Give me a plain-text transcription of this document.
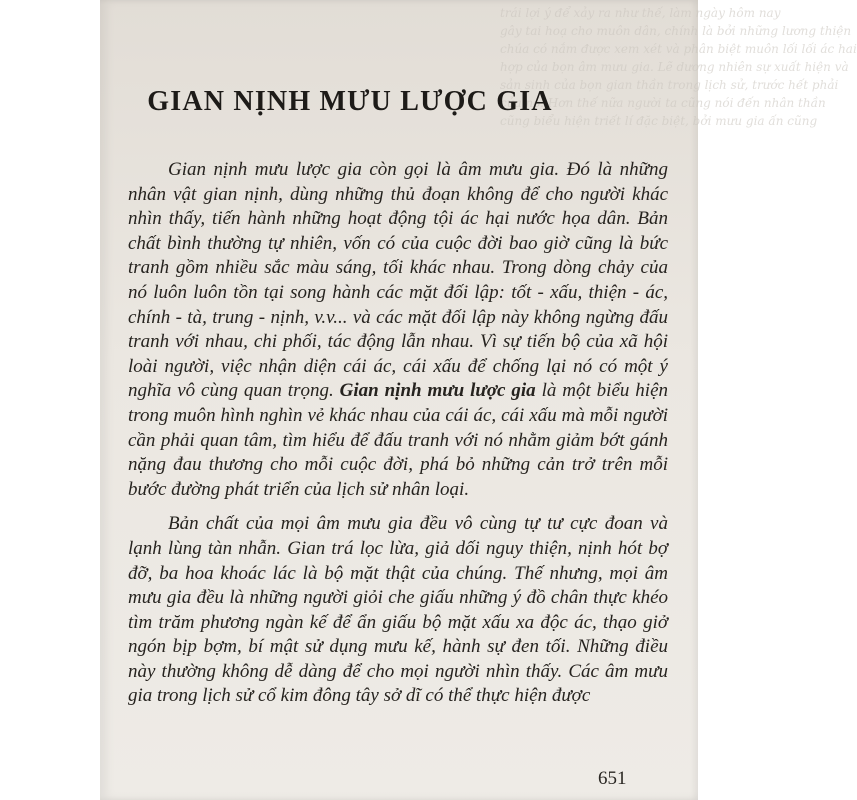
trái lợi ý để xảy ra như thế, làm ngày hôm nay
gây tai hoạ cho muôn dân, chính là bởi những lương thiện
chúa có nắm được xem xét và phân biệt muôn lối lối ác hai
hợp của bọn âm mưu gia. Lẽ dương nhiên sự xuất hiện và
sản sinh của bọn gian thần trong lịch sử, trước hết phải
của nó. Hơn thế nữa người ta cũng nói đến nhân thần
cũng biểu hiện triết lí đặc biệt, bởi mưu gia ấn cũng
GIAN NỊNH MƯU LƯỢC GIA

Gian nịnh mưu lược gia còn gọi là âm mưu gia. Đó là những nhân vật gian nịnh, dùng những thủ đoạn không để cho người khác nhìn thấy, tiến hành những hoạt động tội ác hại nước họa dân. Bản chất bình thường tự nhiên, vốn có của cuộc đời bao giờ cũng là bức tranh gồm nhiều sắc màu sáng, tối khác nhau. Trong dòng chảy của nó luôn luôn tồn tại song hành các mặt đối lập: tốt - xấu, thiện - ác, chính - tà, trung - nịnh, v.v... và các mặt đối lập này không ngừng đấu tranh với nhau, chi phối, tác động lẫn nhau. Vì sự tiến bộ của xã hội loài người, việc nhận diện cái ác, cái xấu để chống lại nó có một ý nghĩa vô cùng quan trọng. Gian nịnh mưu lược gia là một biểu hiện trong muôn hình nghìn vẻ khác nhau của cái ác, cái xấu mà mỗi người cần phải quan tâm, tìm hiểu để đấu tranh với nó nhằm giảm bớt gánh nặng đau thương cho mỗi cuộc đời, phá bỏ những cản trở trên mỗi bước đường phát triển của lịch sử nhân loại.

Bản chất của mọi âm mưu gia đều vô cùng tự tư cực đoan và lạnh lùng tàn nhẫn. Gian trá lọc lừa, giả dối nguy thiện, nịnh hót bợ đỡ, ba hoa khoác lác là bộ mặt thật của chúng. Thế nhưng, mọi âm mưu gia đều là những người giỏi che giấu những ý đồ chân thực khéo tìm trăm phương ngàn kế để ẩn giấu bộ mặt xấu xa độc ác, thạo giở ngón bịp bợm, bí mật sử dụng mưu kế, hành sự đen tối. Những điều này thường không dễ dàng để cho mọi người nhìn thấy. Các âm mưu gia trong lịch sử cổ kim đông tây sở dĩ có thể thực hiện được

651
